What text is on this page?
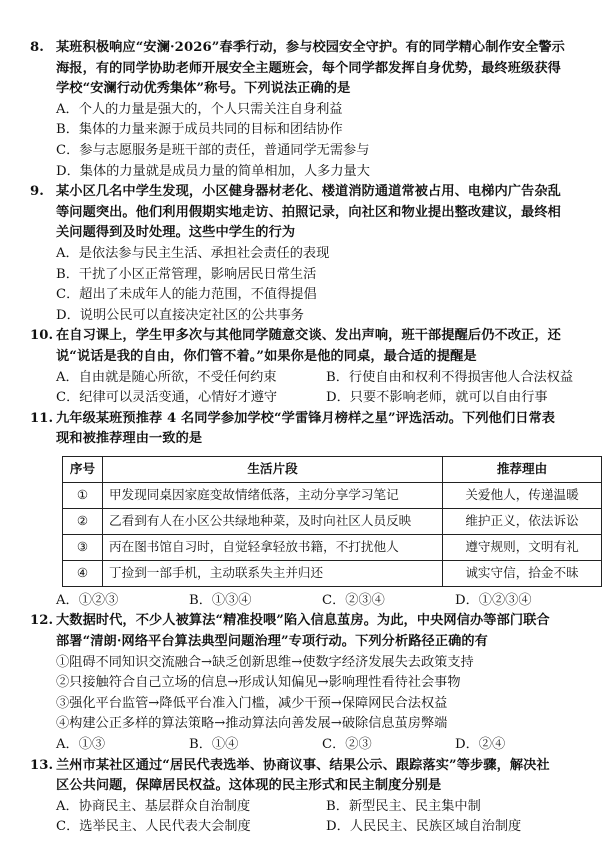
8. 某班积极响应“安澜·2026”春季行动，参与校园安全守护。有的同学精心制作安全警示
海报，有的同学协助老师开展安全主题班会，每个同学都发挥自身优势，最终班级获得
学校“安澜行动优秀集体”称号。下列说法正确的是
A．个人的力量是强大的，个人只需关注自身利益
B．集体的力量来源于成员共同的目标和团结协作
C．参与志愿服务是班干部的责任，普通同学无需参与
D．集体的力量就是成员力量的简单相加，人多力量大
9. 某小区几名中学生发现，小区健身器材老化、楼道消防通道常被占用、电梯内广告杂乱
等问题突出。他们利用假期实地走访、拍照记录，向社区和物业提出整改建议，最终相
关问题得到及时处理。这些中学生的行为
A．是依法参与民主生活、承担社会责任的表现
B．干扰了小区正常管理，影响居民日常生活
C．超出了未成年人的能力范围，不值得提倡
D．说明公民可以直接决定社区的公共事务
10. 在自习课上，学生甲多次与其他同学随意交谈、发出声响，班干部提醒后仍不改正，还
说“说话是我的自由，你们管不着。”如果你是他的同桌，最合适的提醒是
A．自由就是随心所欲，不受任何约束	B．行使自由和权利不得损害他人合法权益
C．纪律可以灵活变通，心情好才遵守	D．只要不影响老师，就可以自由行事
11. 九年级某班预推荐 4 名同学参加学校“学雷锋月榜样之星”评选活动。下列他们日常表
现和被推荐理由一致的是
序号	生活片段	推荐理由
①	甲发现同桌因家庭变故情绪低落，主动分享学习笔记	关爱他人，传递温暖
②	乙看到有人在小区公共绿地种菜，及时向社区人员反映	维护正义，依法诉讼
③	丙在图书馆自习时，自觉轻拿轻放书籍，不打扰他人	遵守规则，文明有礼
④	丁捡到一部手机，主动联系失主并归还	诚实守信，拾金不昧
A．①②③	B．①③④	C．②③④	D．①②③④
12. 大数据时代，不少人被算法“精准投喂”陷入信息茧房。为此，中央网信办等部门联合
部署“清朗·网络平台算法典型问题治理”专项行动。下列分析路径正确的有
①阻碍不同知识交流融合→缺乏创新思维→使数字经济发展失去政策支持
②只接触符合自己立场的信息→形成认知偏见→影响理性看待社会事物
③强化平台监管→降低平台准入门槛，减少干预→保障网民合法权益
④构建公正多样的算法策略→推动算法向善发展→破除信息茧房弊端
A．①③	B．①④	C．②③	D．②④
13. 兰州市某社区通过“居民代表选举、协商议事、结果公示、跟踪落实”等步骤，解决社
区公共问题，保障居民权益。这体现的民主形式和民主制度分别是
A．协商民主、基层群众自治制度	B．新型民主、民主集中制
C．选举民主、人民代表大会制度	D．人民民主、民族区域自治制度
